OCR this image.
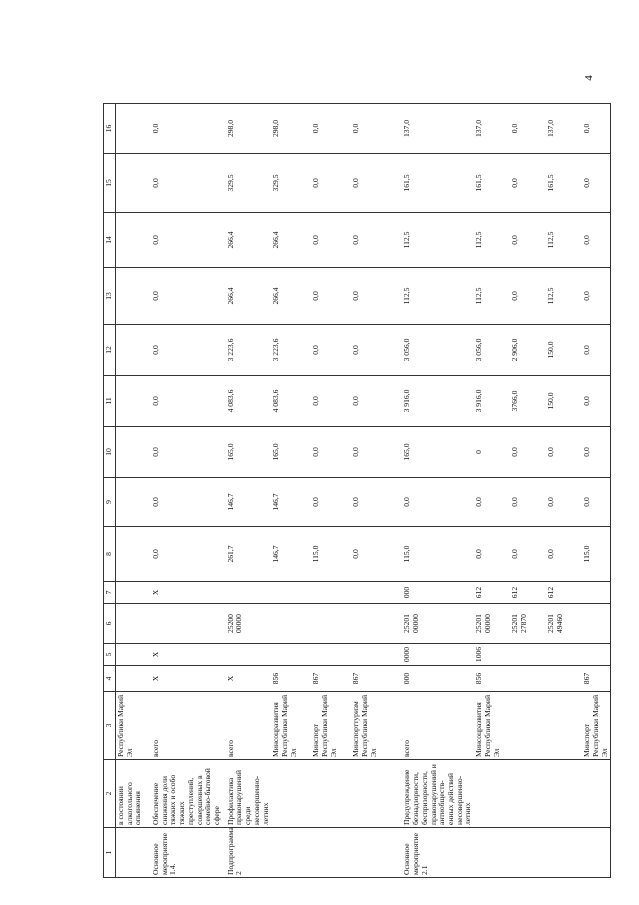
4
1	2	3	4	5	6	7	8	9	10	11	12	13	14	15	16
	в состоянии алкогольного опьянения	Республики Марий Эл													
Основное мероприятие 1.4.	Обеспечение снижения доли тяжких и особо тяжких преступлений, совершенных в семейно-бытовой сфере	всего	X	X		X	0,0	0,0	0,0	0,0	0,0	0,0	0,0	0,0	0,0
Подпрограмма 2	Профилактика правонарушений среди несовершенно-летних	всего	X		25200 00000		261,7	146,7	165,0	4 083,6	3 223,6	266,4	266,4	329,5	298,0
		Минсоцразвития Республики Марий Эл	856				146,7	146,7	165,0	4 083,6	3 223,6	266,4	266,4	329,5	298,0
		Минспорт Республики Марий Эл	867				115,0	0,0	0,0	0,0	0,0	0,0	0,0	0,0	0,0
		Минспорттуризм Республики Марий Эл	867				0,0	0,0	0,0	0,0	0,0	0,0	0,0	0,0	0,0
Основное мероприятие 2.1	Предупреждение безнадзорности, беспризорности, правонарушений и антиобществ-енных действий несовершенно-летних	всего	000	0000	25201 00000	000	115,0	0,0	165,0	3 916,0	3 056,0	112,5	112,5	161,5	137,0
		Минсоцразвития Республики Марий Эл	856	1006	25201 00000	612	0,0	0,0	0	3 916,0	3 056,0	112,5	112,5	161,5	137,0
					25201 27870	612	0,0	0,0	0,0	3766,0	2 906,0	0,0	0,0	0,0	0,0
					25201 49460	612	0,0	0,0	0,0	150,0	150,0	112,5	112,5	161,5	137,0
		Минспорт Республики Марий Эл	867				115,0	0,0	0,0	0,0	0,0	0,0	0,0	0,0	0,0
